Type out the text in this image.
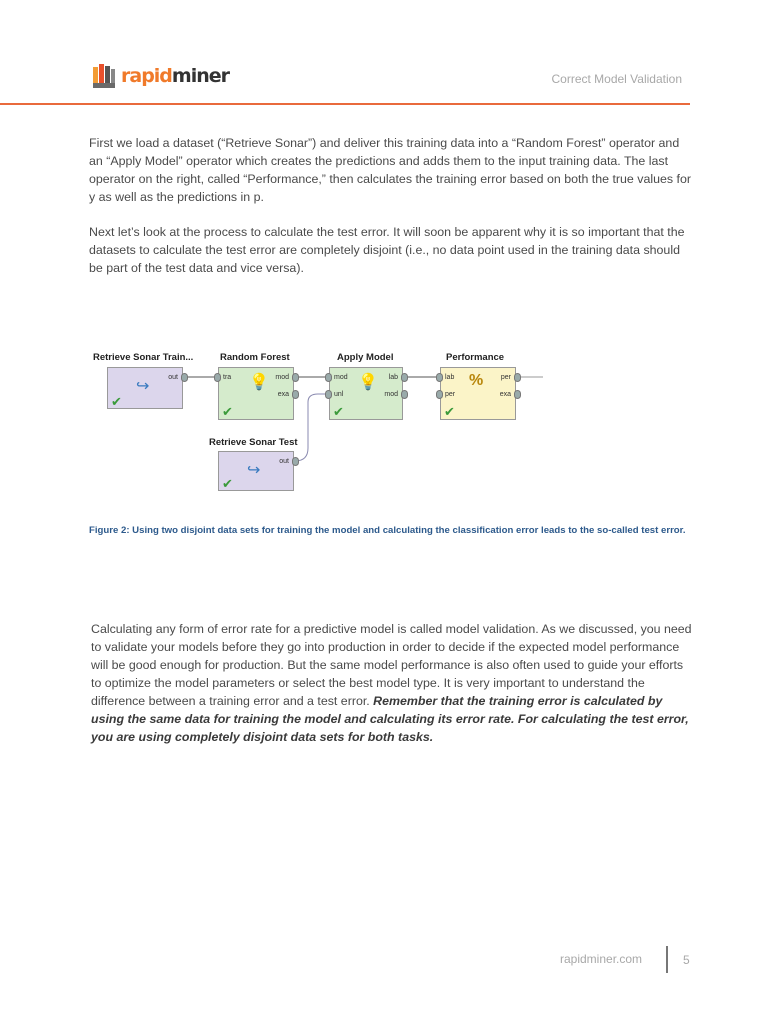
rapidminer	Correct Model Validation
First we load a dataset (“Retrieve Sonar”) and deliver this training data into a “Random Forest” operator and an “Apply Model” operator which creates the predictions and adds them to the input training data. The last operator on the right, called “Performance,” then calculates the training error based on both the true values for y as well as the predictions in p.
Next let’s look at the process to calculate the test error. It will soon be apparent why it is so important that the datasets to calculate the test error are completely disjoint (i.e., no data point used in the training data should be part of the test data and vice versa).
Retrieve Sonar Train...
↪
✔
out
Random Forest
tra	mod
exa
💡
✔
Apply Model
mod
unl
lab
mod
💡
✔
Performance
lab
per
per
exa
%
✔
Retrieve Sonar Test
↪
✔
out
Figure 2: Using two disjoint data sets for training the model and calculating the classification error leads to the so-called test error.
Calculating any form of error rate for a predictive model is called model validation. As we discussed, you need to validate your models before they go into production in order to decide if the expected model performance will be good enough for production. But the same model performance is also often used to guide your efforts to optimize the model parameters or select the best model type. It is very important to understand the difference between a training error and a test error. Remember that the training error is calculated by using the same data for training the model and calculating its error rate. For calculating the test error, you are using completely disjoint data sets for both tasks.
rapidminer.com	5
